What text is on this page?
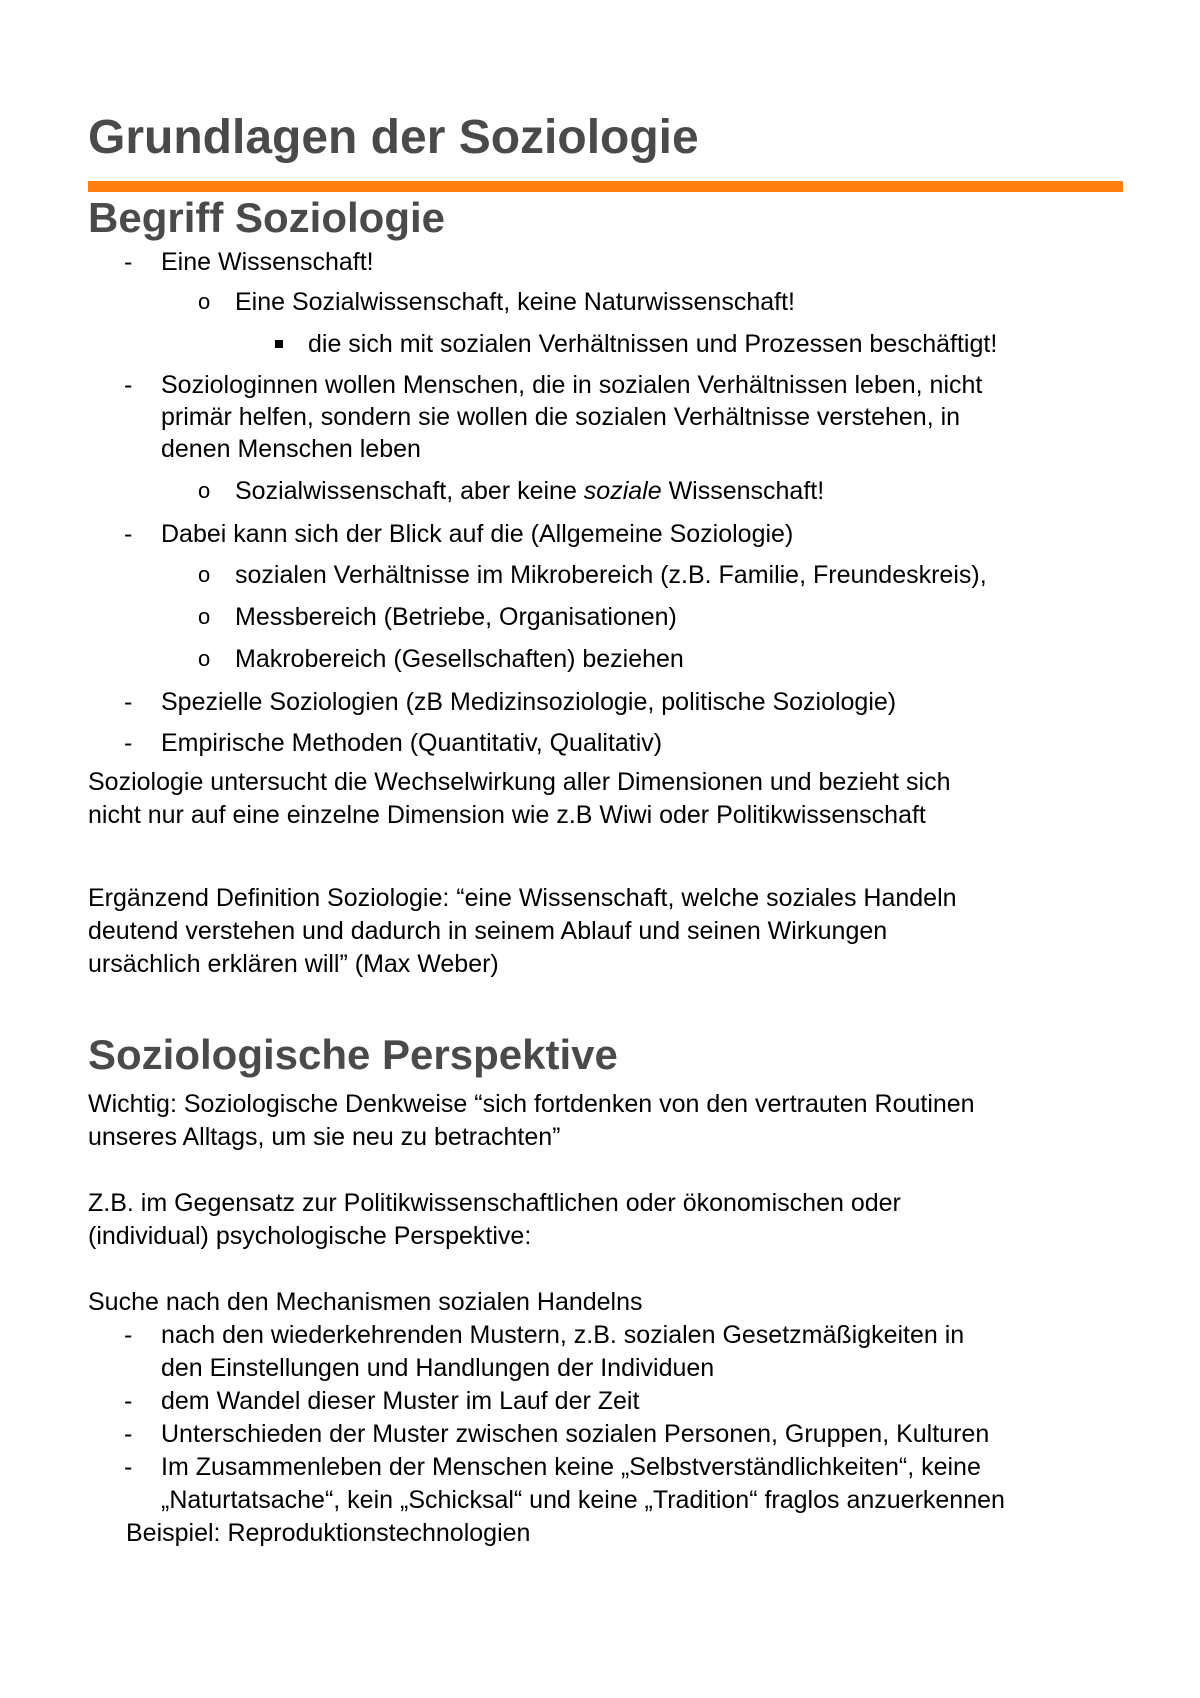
Grundlagen der Soziologie
Begriff Soziologie
- Eine Wissenschaft!
o Eine Sozialwissenschaft, keine Naturwissenschaft!
die sich mit sozialen Verhältnissen und Prozessen beschäftigt!
- Soziologinnen wollen Menschen, die in sozialen Verhältnissen leben, nicht
primär helfen, sondern sie wollen die sozialen Verhältnisse verstehen, in
denen Menschen leben
o Sozialwissenschaft, aber keine soziale Wissenschaft!
- Dabei kann sich der Blick auf die (Allgemeine Soziologie)
o sozialen Verhältnisse im Mikrobereich (z.B. Familie, Freundeskreis),
o Messbereich (Betriebe, Organisationen)
o Makrobereich (Gesellschaften) beziehen
- Spezielle Soziologien (zB Medizinsoziologie, politische Soziologie)
- Empirische Methoden (Quantitativ, Qualitativ)
Soziologie untersucht die Wechselwirkung aller Dimensionen und bezieht sich
nicht nur auf eine einzelne Dimension wie z.B Wiwi oder Politikwissenschaft
Ergänzend Definition Soziologie: “eine Wissenschaft, welche soziales Handeln
deutend verstehen und dadurch in seinem Ablauf und seinen Wirkungen
ursächlich erklären will” (Max Weber)
Soziologische Perspektive
Wichtig: Soziologische Denkweise “sich fortdenken von den vertrauten Routinen
unseres Alltags, um sie neu zu betrachten”
Z.B. im Gegensatz zur Politikwissenschaftlichen oder ökonomischen oder
(individual) psychologische Perspektive:
Suche nach den Mechanismen sozialen Handelns
- nach den wiederkehrenden Mustern, z.B. sozialen Gesetzmäßigkeiten in
den Einstellungen und Handlungen der Individuen
- dem Wandel dieser Muster im Lauf der Zeit
- Unterschieden der Muster zwischen sozialen Personen, Gruppen, Kulturen
- Im Zusammenleben der Menschen keine „Selbstverständlichkeiten“, keine
„Naturtatsache“, kein „Schicksal“ und keine „Tradition“ fraglos anzuerkennen
Beispiel: Reproduktionstechnologien
